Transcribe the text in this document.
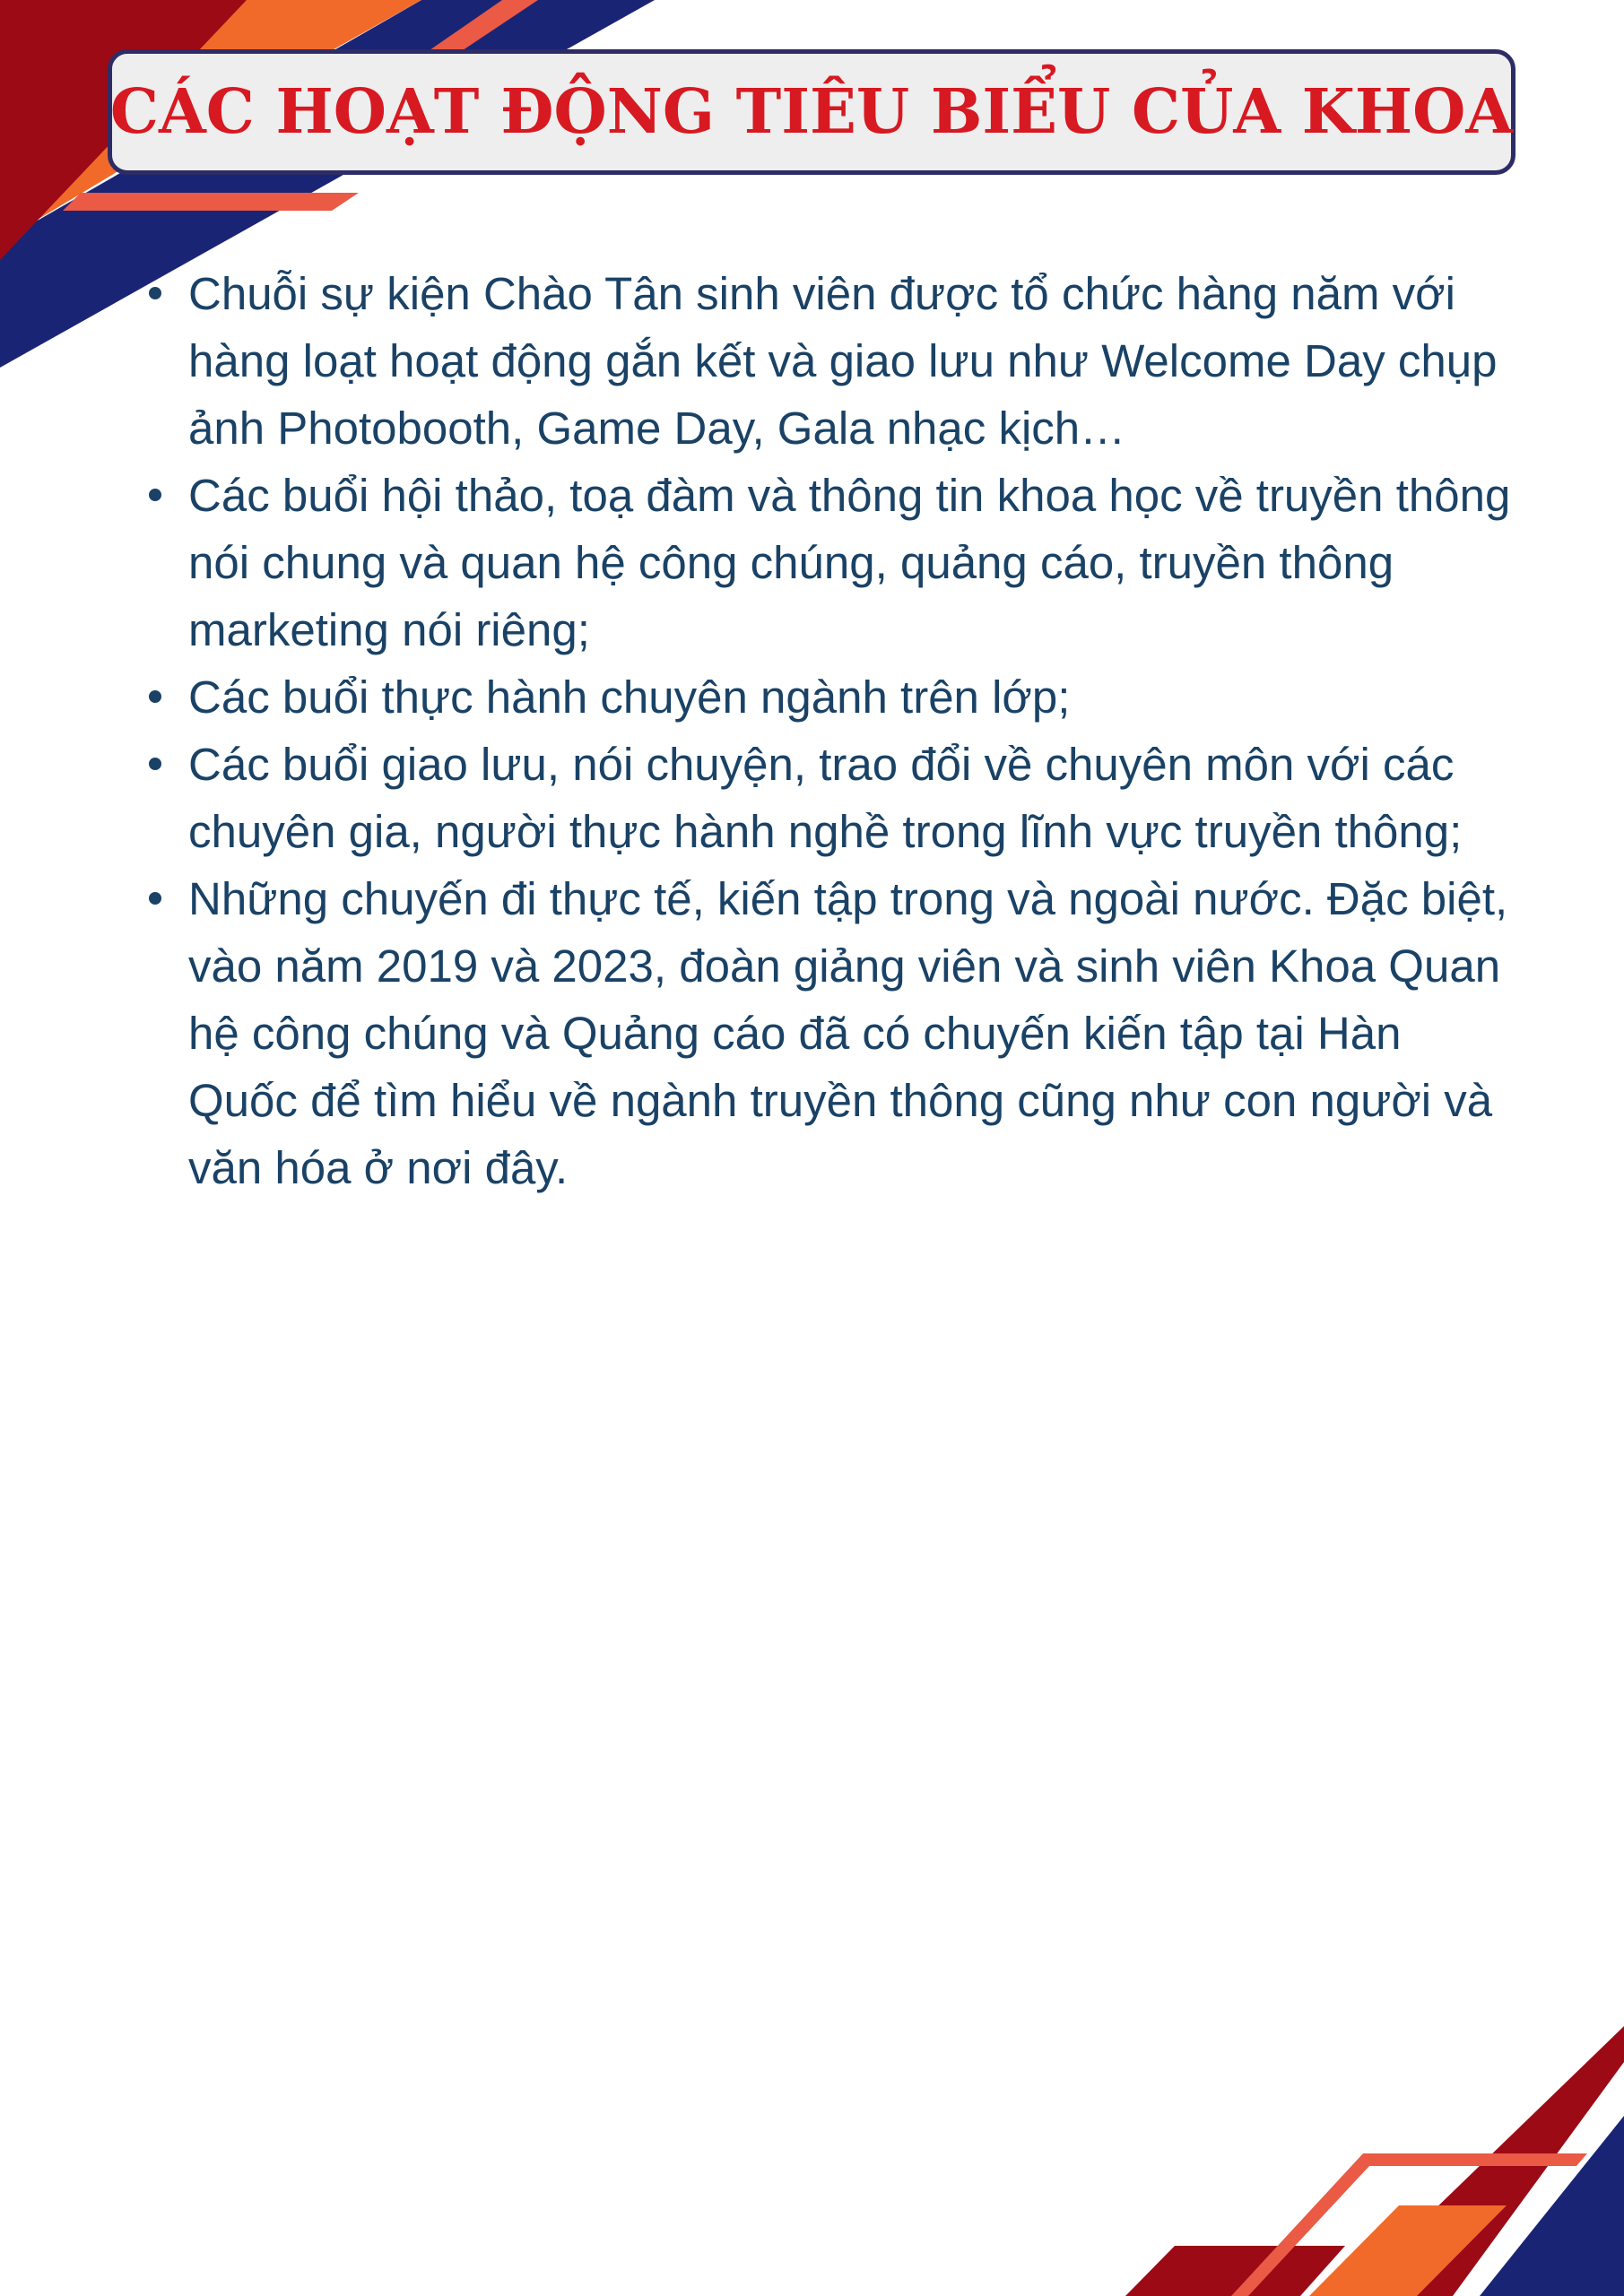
CÁC HOẠT ĐỘNG TIÊU BIỂU CỦA KHOA
Chuỗi sự kiện Chào Tân sinh viên được tổ chức hàng năm với hàng loạt hoạt động gắn kết và giao lưu như Welcome Day chụp ảnh Photobooth, Game Day, Gala nhạc kịch…
Các buổi hội thảo, toạ đàm và thông tin khoa học về truyền thông nói chung và quan hệ công chúng, quảng cáo, truyền thông marketing nói riêng;
Các buổi thực hành chuyên ngành trên lớp;
Các buổi giao lưu, nói chuyện, trao đổi về chuyên môn với các chuyên gia, người thực hành nghề trong lĩnh vực truyền thông;
Những chuyến đi thực tế, kiến tập trong và ngoài nước. Đặc biệt, vào năm 2019 và 2023, đoàn giảng viên và sinh viên Khoa Quan hệ công chúng và Quảng cáo đã có chuyến kiến tập tại Hàn Quốc để tìm hiểu về ngành truyền thông cũng như con người và văn hóa ở nơi đây.
